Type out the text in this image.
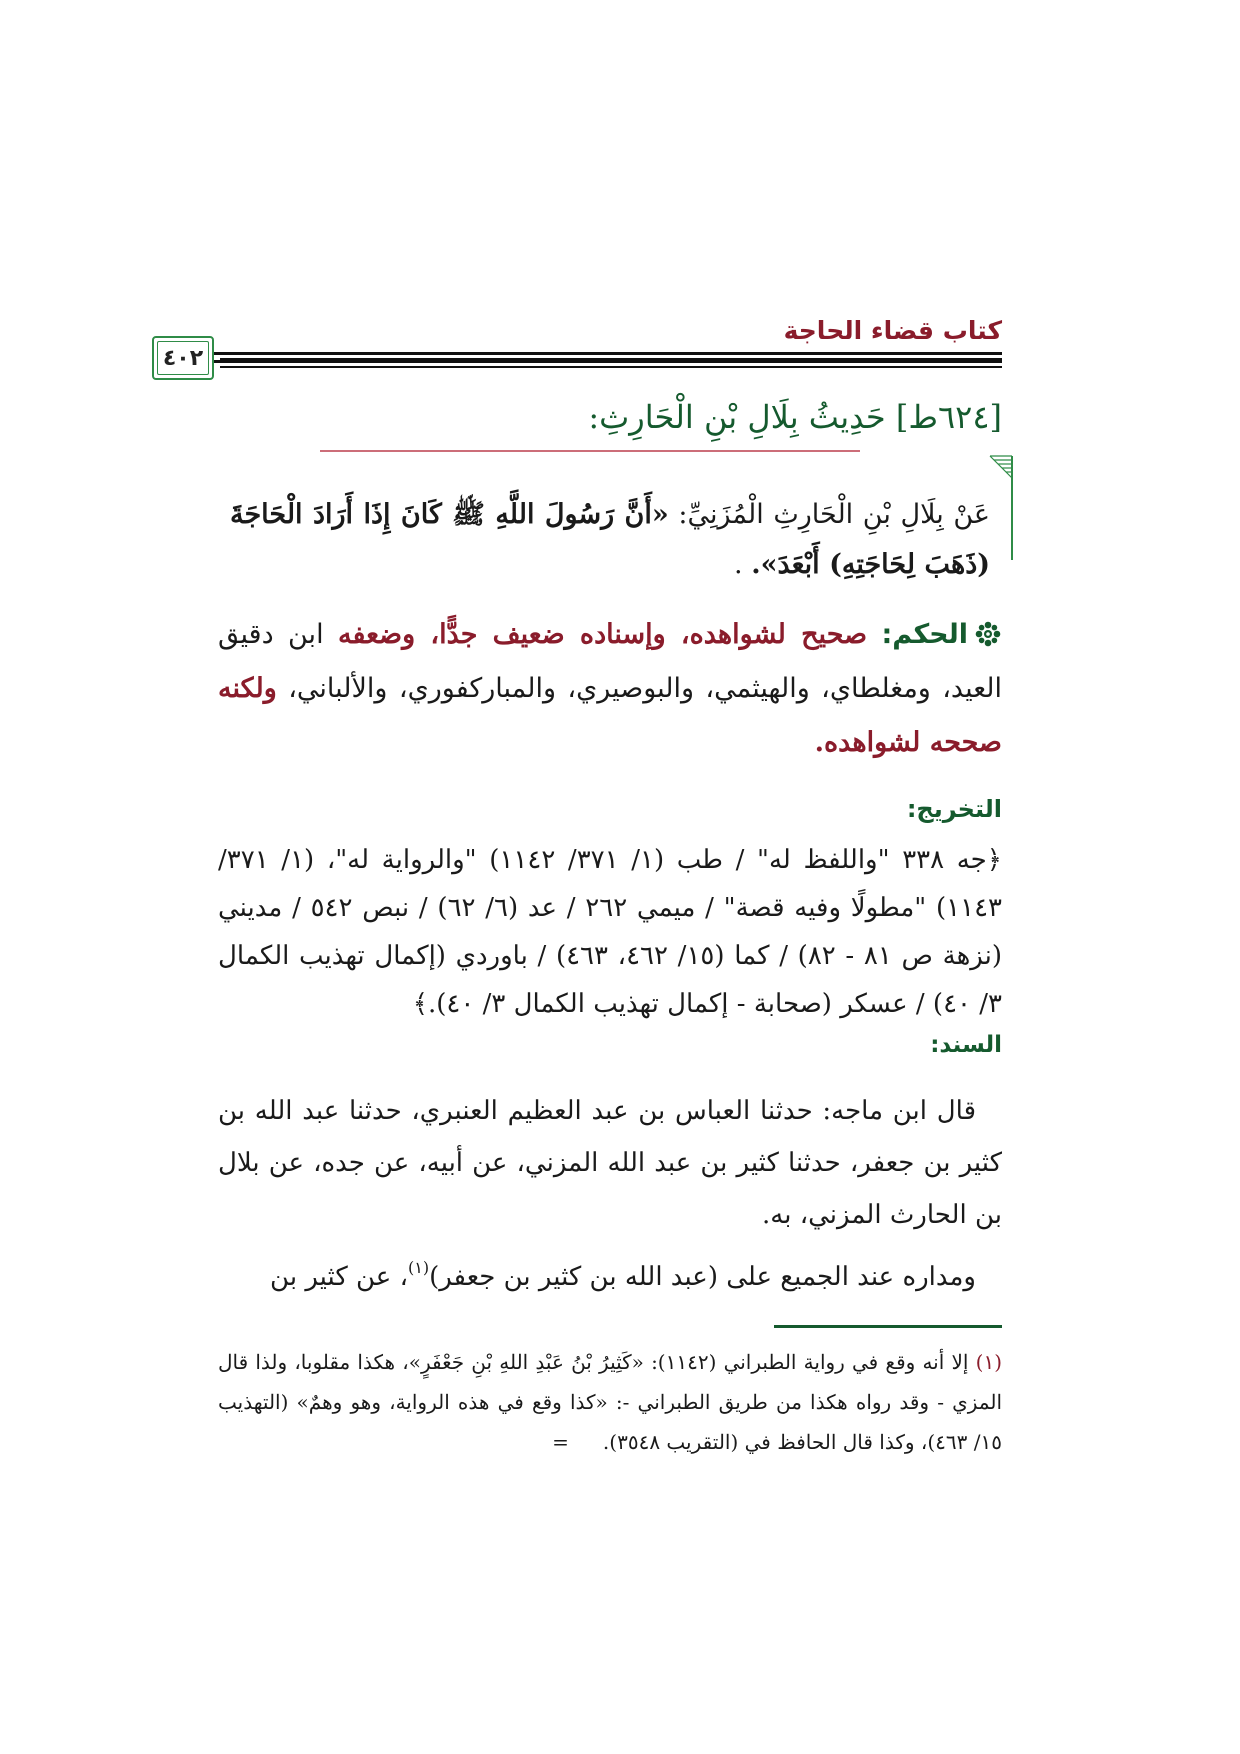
كتاب قضاء الحاجة
٤٠٢
[٦٢٤ط] حَدِيثُ بِلَالِ بْنِ الْحَارِثِ:
عَنْ بِلَالِ بْنِ الْحَارِثِ الْمُزَنِيِّ: «أَنَّ رَسُولَ اللَّهِ ﷺ كَانَ إِذَا أَرَادَ الْحَاجَةَ (ذَهَبَ لِحَاجَتِهِ) أَبْعَدَ». .
الحكم: صحيح لشواهده، وإسناده ضعيف جدًّا، وضعفه ابن دقيق العيد، ومغلطاي، والهيثمي، والبوصيري، والمباركفوري، والألباني، ولكنه صححه لشواهده.
التخريج:
﴿جه ٣٣٨ "واللفظ له" / طب (١/ ٣٧١/ ١١٤٢) "والرواية له"، (١/ ٣٧١/ ١١٤٣) "مطولًا وفيه قصة" / ميمي ٢٦٢ / عد (٦/ ٦٢) / نبص ٥٤٢ / مديني (نزهة ص ٨١ - ٨٢) / كما (١٥/ ٤٦٢، ٤٦٣) / باوردي (إكمال تهذيب الكمال ٣/ ٤٠) / عسكر (صحابة - إكمال تهذيب الكمال ٣/ ٤٠).﴾
السند:
قال ابن ماجه: حدثنا العباس بن عبد العظيم العنبري، حدثنا عبد الله بن كثير بن جعفر، حدثنا كثير بن عبد الله المزني، عن أبيه، عن جده، عن بلال بن الحارث المزني، به.
ومداره عند الجميع على (عبد الله بن كثير بن جعفر)$^{(١)}$، عن كثير بن
(١) إلا أنه وقع في رواية الطبراني (١١٤٢): «كَثِيرُ بْنُ عَبْدِ اللهِ بْنِ جَعْفَرٍ»، هكذا مقلوبا، ولذا قال المزي - وقد رواه هكذا من طريق الطبراني -: «كذا وقع في هذه الرواية، وهو وهمٌ» (التهذيب ١٥/ ٤٦٣)، وكذا قال الحافظ في (التقريب ٣٥٤٨).=
